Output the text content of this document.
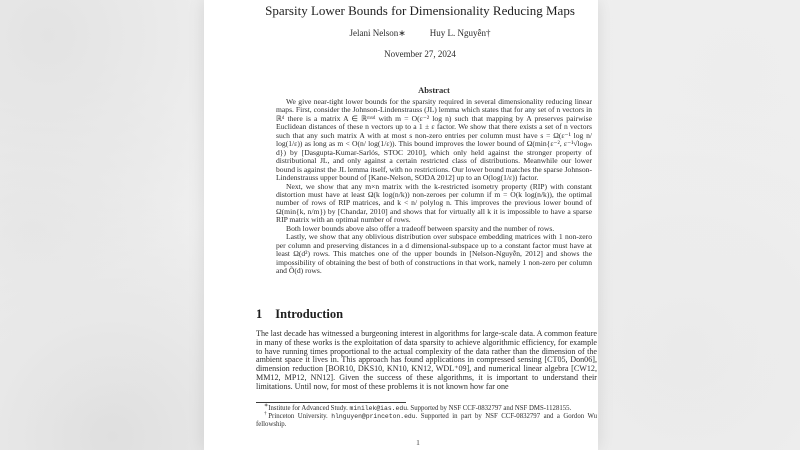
Sparsity Lower Bounds for Dimensionality Reducing Maps
Jelani Nelson∗	Huy L. Nguyễn†
November 27, 2024
Abstract

We give near-tight lower bounds for the sparsity required in several dimensionality reducing linear maps. First, consider the Johnson-Lindenstrauss (JL) lemma which states that for any set of n vectors in ℝᵈ there is a matrix A ∈ ℝᵐˣᵈ with m = O(ε⁻² log n) such that mapping by A preserves pairwise Euclidean distances of these n vectors up to a 1 ± ε factor. We show that there exists a set of n vectors such that any such matrix A with at most s non-zero entries per column must have s = Ω(ε⁻¹ log n/ log(1/ε)) as long as m < O(n/ log(1/ε)). This bound improves the lower bound of Ω(min{ε⁻², ε⁻¹√logₘ d}) by [Dasgupta-Kumar-Sarlós, STOC 2010], which only held against the stronger property of distributional JL, and only against a certain restricted class of distributions. Meanwhile our lower bound is against the JL lemma itself, with no restrictions. Our lower bound matches the sparse Johnson-Lindenstrauss upper bound of [Kane-Nelson, SODA 2012] up to an O(log(1/ε)) factor.

Next, we show that any m×n matrix with the k-restricted isometry property (RIP) with constant distortion must have at least Ω(k log(n/k)) non-zeroes per column if m = O(k log(n/k)), the optimal number of rows of RIP matrices, and k < n/ polylog n. This improves the previous lower bound of Ω(min{k, n/m}) by [Chandar, 2010] and shows that for virtually all k it is impossible to have a sparse RIP matrix with an optimal number of rows.

Both lower bounds above also offer a tradeoff between sparsity and the number of rows.

Lastly, we show that any oblivious distribution over subspace embedding matrices with 1 non-zero per column and preserving distances in a d dimensional-subspace up to a constant factor must have at least Ω(d²) rows. This matches one of the upper bounds in [Nelson-Nguyễn, 2012] and shows the impossibility of obtaining the best of both of constructions in that work, namely 1 non-zero per column and Õ(d) rows.

1 Introduction

The last decade has witnessed a burgeoning interest in algorithms for large-scale data. A common feature in many of these works is the exploitation of data sparsity to achieve algorithmic efficiency, for example to have running times proportional to the actual complexity of the data rather than the dimension of the ambient space it lives in. This approach has found applications in compressed sensing [CT05, Don06], dimension reduction [BOR10, DKS10, KN10, KN12, WDL⁺09], and numerical linear algebra [CW12, MM12, MP12, NN12]. Given the success of these algorithms, it is important to understand their limitations. Until now, for most of these problems it is not known how far one

∗Institute for Advanced Study. minilek@ias.edu. Supported by NSF CCF-0832797 and NSF DMS-1128155.

†Princeton University. hlnguyen@princeton.edu. Supported in part by NSF CCF-0832797 and a Gordon Wu fellowship.

1
